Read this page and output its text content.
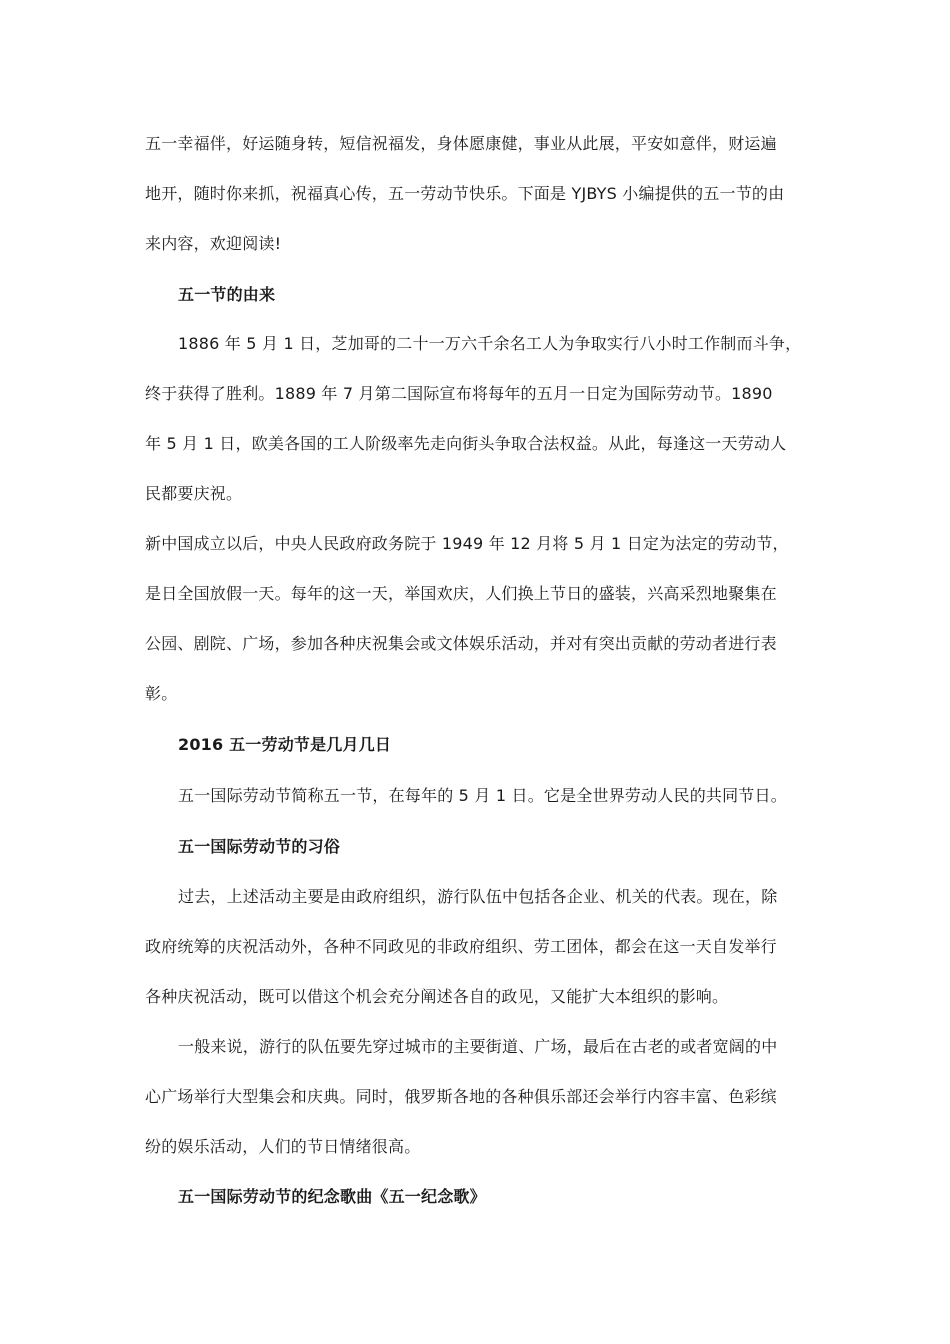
五一幸福伴，好运随身转，短信祝福发，身体愿康健，事业从此展，平安如意伴，财运遍
地开，随时你来抓，祝福真心传，五一劳动节快乐。下面是 YJBYS 小编提供的五一节的由
来内容，欢迎阅读!
五一节的由来
1886 年 5 月 1 日，芝加哥的二十一万六千余名工人为争取实行八小时工作制而斗争，
终于获得了胜利。1889 年 7 月第二国际宣布将每年的五月一日定为国际劳动节。1890
年 5 月 1 日，欧美各国的工人阶级率先走向街头争取合法权益。从此，每逢这一天劳动人
民都要庆祝。
新中国成立以后，中央人民政府政务院于 1949 年 12 月将 5 月 1 日定为法定的劳动节，
是日全国放假一天。每年的这一天，举国欢庆，人们换上节日的盛装，兴高采烈地聚集在
公园、剧院、广场，参加各种庆祝集会或文体娱乐活动，并对有突出贡献的劳动者进行表
彰。
2016 五一劳动节是几月几日
五一国际劳动节简称五一节，在每年的 5 月 1 日。它是全世界劳动人民的共同节日。
五一国际劳动节的习俗
过去，上述活动主要是由政府组织，游行队伍中包括各企业、机关的代表。现在，除
政府统筹的庆祝活动外，各种不同政见的非政府组织、劳工团体，都会在这一天自发举行
各种庆祝活动，既可以借这个机会充分阐述各自的政见，又能扩大本组织的影响。
一般来说，游行的队伍要先穿过城市的主要街道、广场，最后在古老的或者宽阔的中
心广场举行大型集会和庆典。同时，俄罗斯各地的各种俱乐部还会举行内容丰富、色彩缤
纷的娱乐活动，人们的节日情绪很高。
五一国际劳动节的纪念歌曲《五一纪念歌》
